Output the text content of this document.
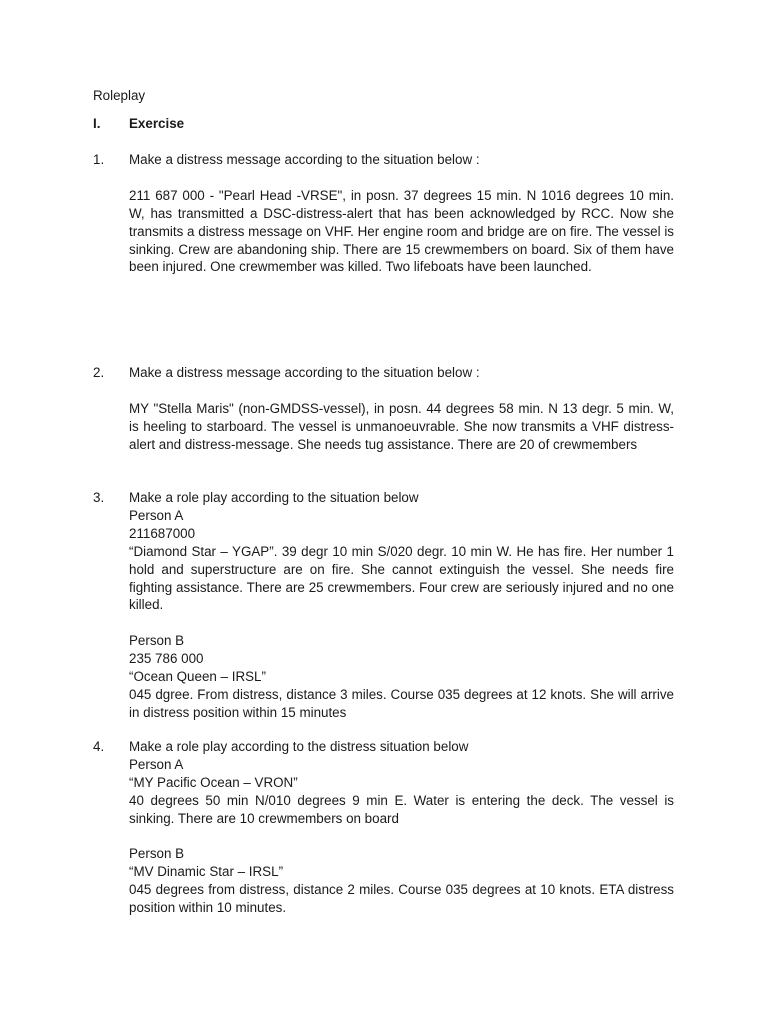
Roleplay
I. Exercise
1. Make a distress message according to the situation below :

211 687 000 - "Pearl Head -VRSE", in posn. 37 degrees 15 min. N 1016 degrees 10 min. W, has transmitted a DSC-distress-alert that has been acknowledged by RCC. Now she transmits a distress message on VHF. Her engine room and bridge are on fire. The vessel is sinking. Crew are abandoning ship. There are 15 crewmembers on board. Six of them have been injured. One crewmember was killed. Two lifeboats have been launched.

2. Make a distress message according to the situation below :

MY "Stella Maris" (non-GMDSS-vessel), in posn. 44 degrees 58 min. N 13 degr. 5 min. W, is heeling to starboard. The vessel is unmanoeuvrable. She now transmits a VHF distress-alert and distress-message. She needs tug assistance. There are 20 of crewmembers

3. Make a role play according to the situation below

Person A

211687000

“Diamond Star – YGAP”. 39 degr 10 min S/020 degr. 10 min W. He has fire. Her number 1 hold and superstructure are on fire. She cannot extinguish the vessel. She needs fire fighting assistance. There are 25 crewmembers. Four crew are seriously injured and no one killed.

Person B

235 786 000

“Ocean Queen – IRSL”

045 dgree. From distress, distance 3 miles. Course 035 degrees at 12 knots. She will arrive in distress position within 15 minutes

4. Make a role play according to the distress situation below

Person A

“MY Pacific Ocean – VRON”

40 degrees 50 min N/010 degrees 9 min E. Water is entering the deck. The vessel is sinking. There are 10 crewmembers on board

Person B

“MV Dinamic Star – IRSL”

045 degrees from distress, distance 2 miles. Course 035 degrees at 10 knots. ETA distress position within 10 minutes.
